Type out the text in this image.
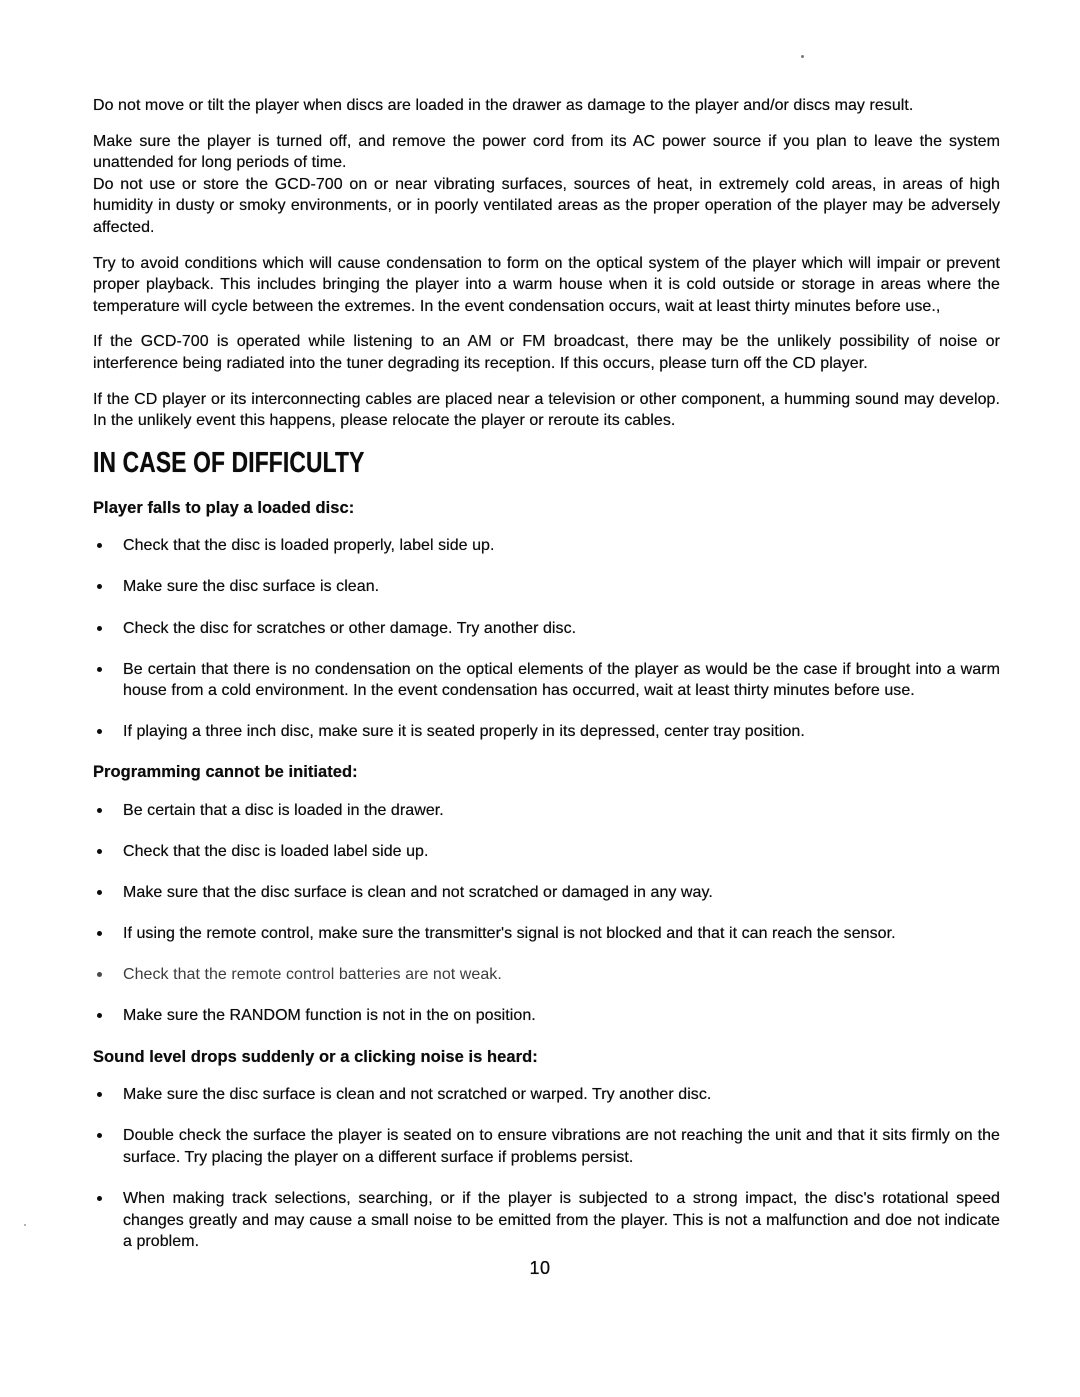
Do not move or tilt the player when discs are loaded in the drawer as damage to the player and/or discs may result.

Make sure the player is turned off, and remove the power cord from its AC power source if you plan to leave the system unattended for long periods of time.

Do not use or store the GCD-700 on or near vibrating surfaces, sources of heat, in extremely cold areas, in areas of high humidity in dusty or smoky environments, or in poorly ventilated areas as the proper operation of the player may be adversely affected.

Try to avoid conditions which will cause condensation to form on the optical system of the player which will impair or prevent proper playback. This includes bringing the player into a warm house when it is cold outside or storage in areas where the temperature will cycle between the extremes. In the event condensation occurs, wait at least thirty minutes before use.,

If the GCD-700 is operated while listening to an AM or FM broadcast, there may be the unlikely possibility of noise or interference being radiated into the tuner degrading its reception. If this occurs, please turn off the CD player.

If the CD player or its interconnecting cables are placed near a television or other component, a humming sound may develop. In the unlikely event this happens, please relocate the player or reroute its cables.

IN CASE OF DIFFICULTY
Player falls to play a loaded disc:
Check that the disc is loaded properly, label side up.
Make sure the disc surface is clean.
Check the disc for scratches or other damage. Try another disc.
Be certain that there is no condensation on the optical elements of the player as would be the case if brought into a warm house from a cold environment. In the event condensation has occurred, wait at least thirty minutes before use.
If playing a three inch disc, make sure it is seated properly in its depressed, center tray position.
Programming cannot be initiated:
Be certain that a disc is loaded in the drawer.
Check that the disc is loaded label side up.
Make sure that the disc surface is clean and not scratched or damaged in any way.
If using the remote control, make sure the transmitter's signal is not blocked and that it can reach the sensor.
Check that the remote control batteries are not weak.
Make sure the RANDOM function is not in the on position.
Sound level drops suddenly or a clicking noise is heard:
Make sure the disc surface is clean and not scratched or warped. Try another disc.
Double check the surface the player is seated on to ensure vibrations are not reaching the unit and that it sits firmly on the surface. Try placing the player on a different surface if problems persist.
When making track selections, searching, or if the player is subjected to a strong impact, the disc's rotational speed changes greatly and may cause a small noise to be emitted from the player. This is not a malfunction and doe not indicate a problem.
10
